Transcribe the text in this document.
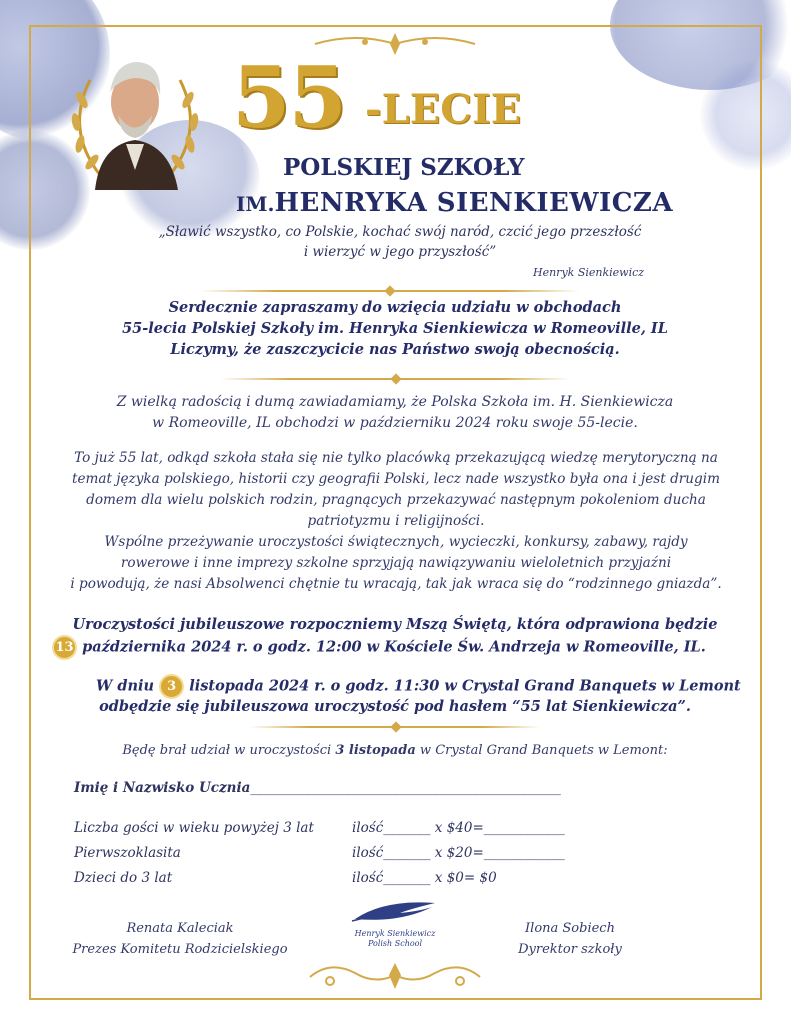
55 -LECIE
POLSKIEJ SZKOŁY
IM.HENRYKA SIENKIEWICZA
„Sławić wszystko, co Polskie, kochać swój naród, czcić jego przeszłość
i wierzyć w jego przyszłość”
Henryk Sienkiewicz
Serdecznie zapraszamy do wzięcia udziału w obchodach
55-lecia Polskiej Szkoły im. Henryka Sienkiewicza w Romeoville, IL
Liczymy, że zaszczycicie nas Państwo swoją obecnością.
Z wielką radością i dumą zawiadamiamy, że Polska Szkoła im. H. Sienkiewicza
w Romeoville, IL obchodzi w październiku 2024 roku swoje 55-lecie.
To już 55 lat, odkąd szkoła stała się nie tylko placówką przekazującą wiedzę merytoryczną na
temat języka polskiego, historii czy geografii Polski, lecz nade wszystko była ona i jest drugim
domem dla wielu polskich rodzin, pragnących przekazywać następnym pokoleniom ducha
patriotyzmu i religijności.
Wspólne przeżywanie uroczystości świątecznych, wycieczki, konkursy, zabawy, rajdy
rowerowe i inne imprezy szkolne sprzyjają nawiązywaniu wieloletnich przyjaźni
i powodują, że nasi Absolwenci chętnie tu wracają, tak jak wraca się do “rodzinnego gniazda”.
Uroczystości jubileuszowe rozpoczniemy Mszą Świętą, która odprawiona będzie
13 października 2024 r. o godz. 12:00 w Kościele Św. Andrzeja w Romeoville, IL.
W dniu 3 listopada 2024 r. o godz. 11:30 w Crystal Grand Banquets w Lemont
odbędzie się jubileuszowa uroczystość pod hasłem “55 lat Sienkiewicza”.
Będę brał udział w uroczystości 3 listopada w Crystal Grand Banquets w Lemont:
Imię i Nazwisko Ucznia______________________________________________
Liczba gości w wieku powyżej 3 lat	ilość_______ x $40=____________
Pierwszoklasita	ilość_______ x $20=____________
Dzieci do 3 lat	ilość_______ x $0= $0
Renata Kaleciak
Prezes Komitetu Rodzicielskiego
Ilona Sobiech
Dyrektor szkoły
Henryk Sienkiewicz
Polish School
